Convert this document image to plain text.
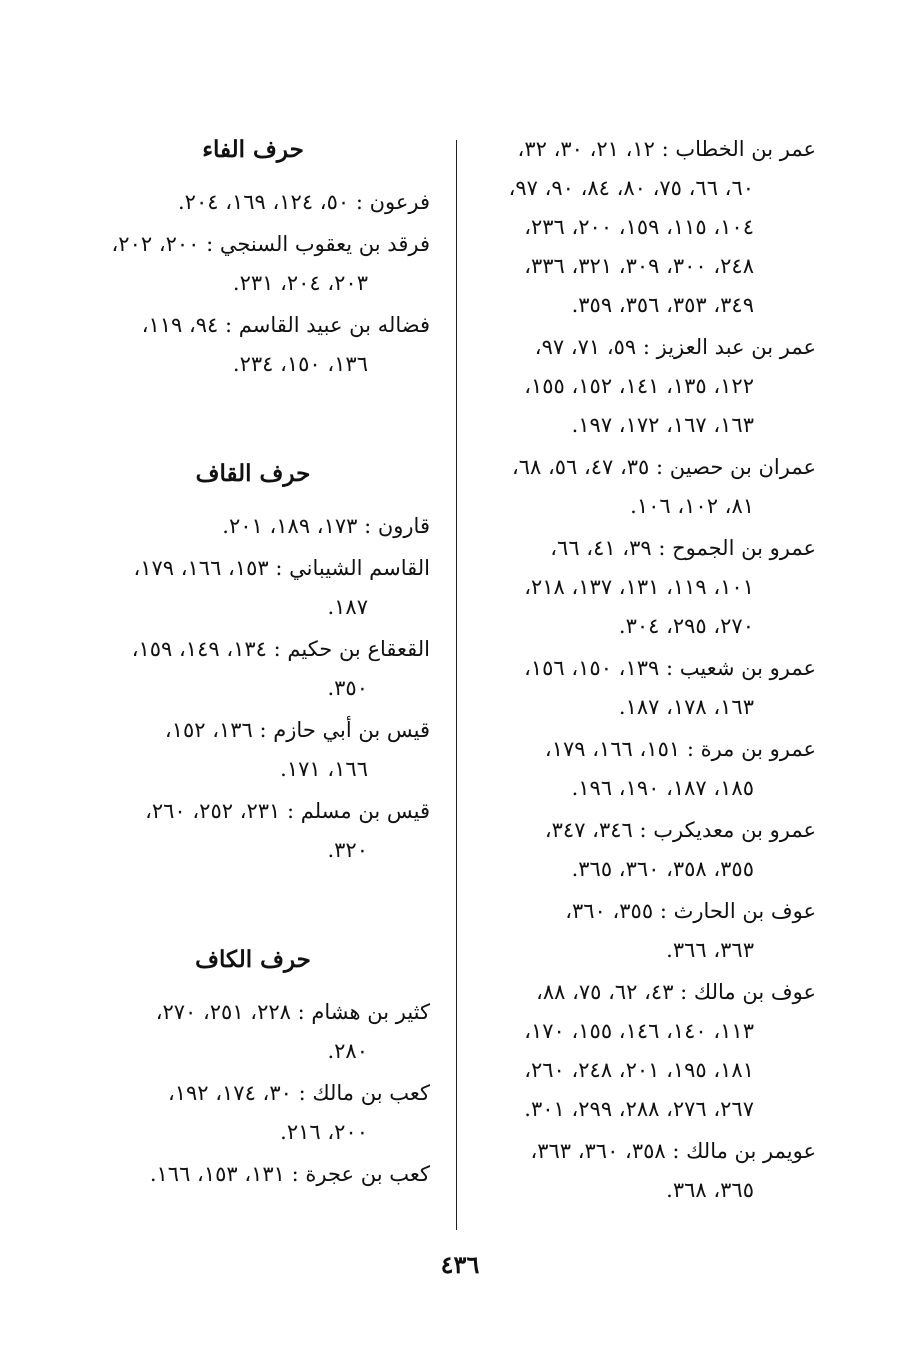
عمر بن الخطاب : ١٢، ٢١، ٣٠، ٣٢،
٦٠، ٦٦، ٧٥، ٨٠، ٨٤، ٩٠، ٩٧،
١٠٤، ١١٥، ١٥٩، ٢٠٠، ٢٣٦،
٢٤٨، ٣٠٠، ٣٠٩، ٣٢١، ٣٣٦،
٣٤٩، ٣٥٣، ٣٥٦، ٣٥٩.
عمر بن عبد العزيز : ٥٩، ٧١، ٩٧،
١٢٢، ١٣٥، ١٤١، ١٥٢، ١٥٥،
١٦٣، ١٦٧، ١٧٢، ١٩٧.
عمران بن حصين : ٣٥، ٤٧، ٥٦، ٦٨،
٨١، ١٠٢، ١٠٦.
عمرو بن الجموح : ٣٩، ٤١، ٦٦،
١٠١، ١١٩، ١٣١، ١٣٧، ٢١٨،
٢٧٠، ٢٩٥، ٣٠٤.
عمرو بن شعيب : ١٣٩، ١٥٠، ١٥٦،
١٦٣، ١٧٨، ١٨٧.
عمرو بن مرة : ١٥١، ١٦٦، ١٧٩،
١٨٥، ١٨٧، ١٩٠، ١٩٦.
عمرو بن معديكرب : ٣٤٦، ٣٤٧،
٣٥٥، ٣٥٨، ٣٦٠، ٣٦٥.
عوف بن الحارث : ٣٥٥، ٣٦٠،
٣٦٣، ٣٦٦.
عوف بن مالك : ٤٣، ٦٢، ٧٥، ٨٨،
١١٣، ١٤٠، ١٤٦، ١٥٥، ١٧٠،
١٨١، ١٩٥، ٢٠١، ٢٤٨، ٢٦٠،
٢٦٧، ٢٧٦، ٢٨٨، ٢٩٩، ٣٠١.
عويمر بن مالك : ٣٥٨، ٣٦٠، ٣٦٣،
٣٦٥، ٣٦٨.
حرف الفاء
فرعون : ٥٠، ١٢٤، ١٦٩، ٢٠٤.
فرقد بن يعقوب السنجي : ٢٠٠، ٢٠٢،
٢٠٣، ٢٠٤، ٢٣١.
فضاله بن عبيد القاسم : ٩٤، ١١٩،
١٣٦، ١٥٠، ٢٣٤.
حرف القاف
قارون : ١٧٣، ١٨٩، ٢٠١.
القاسم الشيباني : ١٥٣، ١٦٦، ١٧٩،
١٨٧.
القعقاع بن حكيم : ١٣٤، ١٤٩، ١٥٩،
٣٥٠.
قيس بن أبي حازم : ١٣٦، ١٥٢،
١٦٦، ١٧١.
قيس بن مسلم : ٢٣١، ٢٥٢، ٢٦٠،
٣٢٠.
حرف الكاف
كثير بن هشام : ٢٢٨، ٢٥١، ٢٧٠،
٢٨٠.
كعب بن مالك : ٣٠، ١٧٤، ١٩٢،
٢٠٠، ٢١٦.
كعب بن عجرة : ١٣١، ١٥٣، ١٦٦.
٤٣٦
